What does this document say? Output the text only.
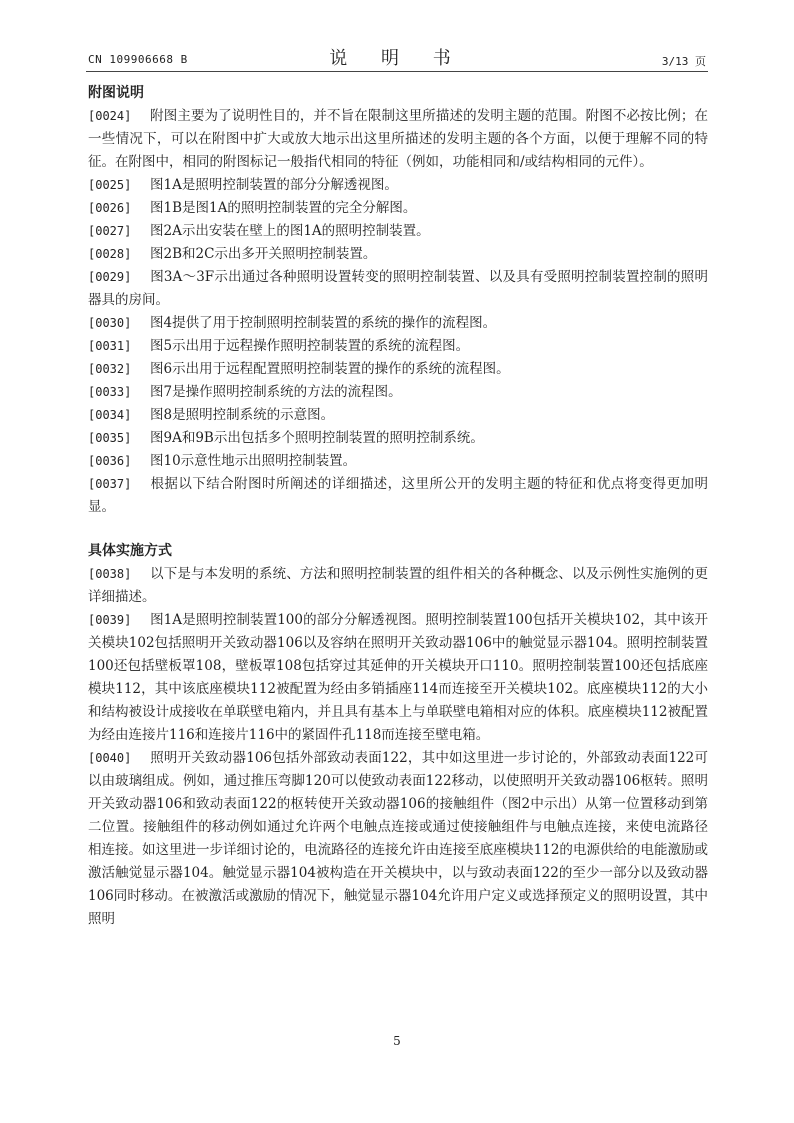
CN 109906668 B	说 明 书	3/13 页
附图说明

[0024] 附图主要为了说明性目的，并不旨在限制这里所描述的发明主题的范围。附图不必按比例；在一些情况下，可以在附图中扩大或放大地示出这里所描述的发明主题的各个方面，以便于理解不同的特征。在附图中，相同的附图标记一般指代相同的特征（例如，功能相同和/或结构相同的元件）。

[0025] 图1A是照明控制装置的部分分解透视图。

[0026] 图1B是图1A的照明控制装置的完全分解图。

[0027] 图2A示出安装在壁上的图1A的照明控制装置。

[0028] 图2B和2C示出多开关照明控制装置。

[0029] 图3A～3F示出通过各种照明设置转变的照明控制装置、以及具有受照明控制装置控制的照明器具的房间。

[0030] 图4提供了用于控制照明控制装置的系统的操作的流程图。

[0031] 图5示出用于远程操作照明控制装置的系统的流程图。

[0032] 图6示出用于远程配置照明控制装置的操作的系统的流程图。

[0033] 图7是操作照明控制系统的方法的流程图。

[0034] 图8是照明控制系统的示意图。

[0035] 图9A和9B示出包括多个照明控制装置的照明控制系统。

[0036] 图10示意性地示出照明控制装置。

[0037] 根据以下结合附图时所阐述的详细描述，这里所公开的发明主题的特征和优点将变得更加明显。

具体实施方式

[0038] 以下是与本发明的系统、方法和照明控制装置的组件相关的各种概念、以及示例性实施例的更详细描述。

[0039] 图1A是照明控制装置100的部分分解透视图。照明控制装置100包括开关模块102，其中该开关模块102包括照明开关致动器106以及容纳在照明开关致动器106中的触觉显示器104。照明控制装置100还包括壁板罩108，壁板罩108包括穿过其延伸的开关模块开口110。照明控制装置100还包括底座模块112，其中该底座模块112被配置为经由多销插座114而连接至开关模块102。底座模块112的大小和结构被设计成接收在单联壁电箱内，并且具有基本上与单联壁电箱相对应的体积。底座模块112被配置为经由连接片116和连接片116中的紧固件孔118而连接至壁电箱。

[0040] 照明开关致动器106包括外部致动表面122，其中如这里进一步讨论的，外部致动表面122可以由玻璃组成。例如，通过推压弯脚120可以使致动表面122移动，以使照明开关致动器106枢转。照明开关致动器106和致动表面122的枢转使开关致动器106的接触组件（图2中示出）从第一位置移动到第二位置。接触组件的移动例如通过允许两个电触点连接或通过使接触组件与电触点连接，来使电流路径相连接。如这里进一步详细讨论的，电流路径的连接允许由连接至底座模块112的电源供给的电能激励或激活触觉显示器104。触觉显示器104被构造在开关模块中，以与致动表面122的至少一部分以及致动器106同时移动。在被激活或激励的情况下，触觉显示器104允许用户定义或选择预定义的照明设置，其中照明

5
